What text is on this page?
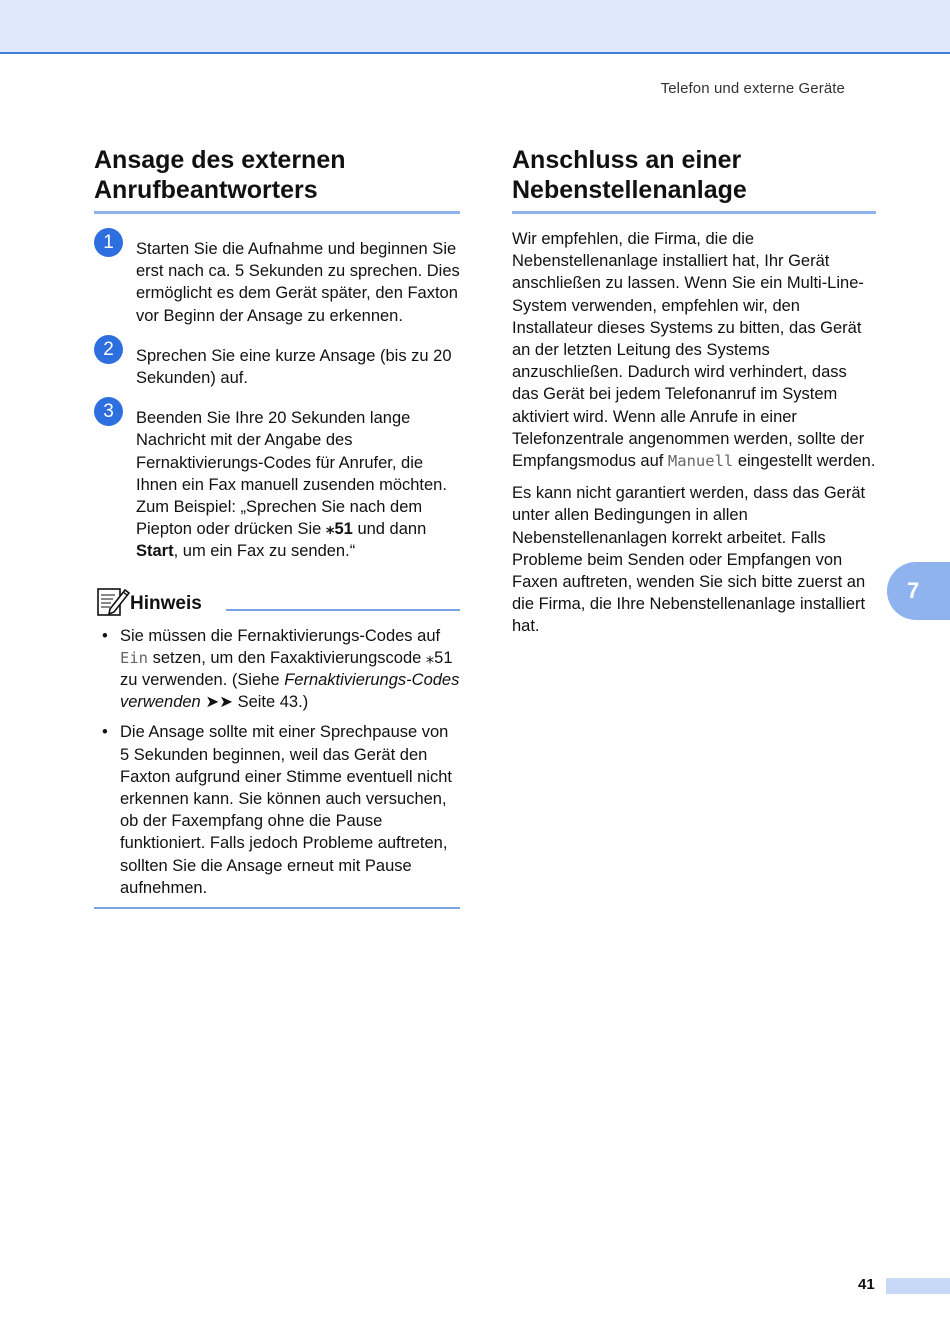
Telefon und externe Geräte
Ansage des externen
Anrufbeantworters
1	Starten Sie die Aufnahme und beginnen Sie erst nach ca. 5 Sekunden zu sprechen. Dies ermöglicht es dem Gerät später, den Faxton vor Beginn der Ansage zu erkennen.
2	Sprechen Sie eine kurze Ansage (bis zu 20 Sekunden) auf.
3	Beenden Sie Ihre 20 Sekunden lange Nachricht mit der Angabe des Fernaktivierungs-Codes für Anrufer, die Ihnen ein Fax manuell zusenden möchten. Zum Beispiel: „Sprechen Sie nach dem Piepton oder drücken Sie ⁎51 und dann Start, um ein Fax zu senden.“
Hinweis
• Sie müssen die Fernaktivierungs-Codes auf Ein setzen, um den Faxaktivierungscode ⁎51 zu verwenden. (Siehe Fernaktivierungs-Codes verwenden ➤➤ Seite 43.)
• Die Ansage sollte mit einer Sprechpause von 5 Sekunden beginnen, weil das Gerät den Faxton aufgrund einer Stimme eventuell nicht erkennen kann. Sie können auch versuchen, ob der Faxempfang ohne die Pause funktioniert. Falls jedoch Probleme auftreten, sollten Sie die Ansage erneut mit Pause aufnehmen.
Anschluss an einer
Nebenstellenanlage

Wir empfehlen, die Firma, die die Nebenstellenanlage installiert hat, Ihr Gerät anschließen zu lassen. Wenn Sie ein Multi-Line-System verwenden, empfehlen wir, den Installateur dieses Systems zu bitten, das Gerät an der letzten Leitung des Systems anzuschließen. Dadurch wird verhindert, dass das Gerät bei jedem Telefonanruf im System aktiviert wird. Wenn alle Anrufe in einer Telefonzentrale angenommen werden, sollte der Empfangsmodus auf Manuell eingestellt werden.

Es kann nicht garantiert werden, dass das Gerät unter allen Bedingungen in allen Nebenstellenanlagen korrekt arbeitet. Falls Probleme beim Senden oder Empfangen von Faxen auftreten, wenden Sie sich bitte zuerst an die Firma, die Ihre Nebenstellenanlage installiert hat.

7
41
